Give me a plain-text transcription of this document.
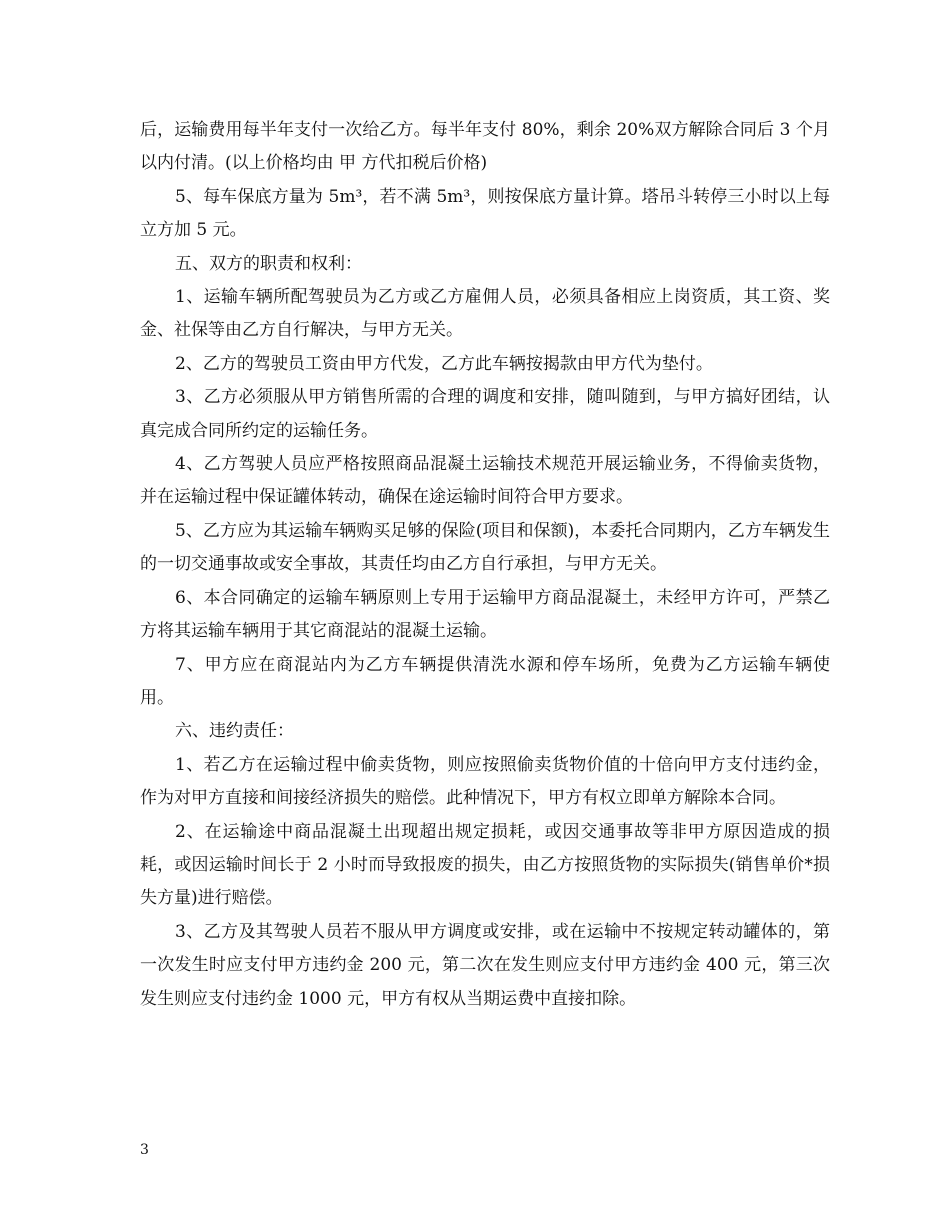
后，运输费用每半年支付一次给乙方。每半年支付 80%，剩余 20%双方解除合同后 3 个月以内付清。(以上价格均由 甲 方代扣税后价格)

5、每车保底方量为 5m³，若不满 5m³，则按保底方量计算。塔吊斗转停三小时以上每立方加 5 元。

五、双方的职责和权利：

1、运输车辆所配驾驶员为乙方或乙方雇佣人员，必须具备相应上岗资质，其工资、奖金、社保等由乙方自行解决，与甲方无关。

2、乙方的驾驶员工资由甲方代发，乙方此车辆按揭款由甲方代为垫付。

3、乙方必须服从甲方销售所需的合理的调度和安排，随叫随到，与甲方搞好团结，认真完成合同所约定的运输任务。

4、乙方驾驶人员应严格按照商品混凝土运输技术规范开展运输业务，不得偷卖货物，并在运输过程中保证罐体转动，确保在途运输时间符合甲方要求。

5、乙方应为其运输车辆购买足够的保险(项目和保额)，本委托合同期内，乙方车辆发生的一切交通事故或安全事故，其责任均由乙方自行承担，与甲方无关。

6、本合同确定的运输车辆原则上专用于运输甲方商品混凝土，未经甲方许可，严禁乙方将其运输车辆用于其它商混站的混凝土运输。

7、甲方应在商混站内为乙方车辆提供清洗水源和停车场所，免费为乙方运输车辆使用。

六、违约责任：

1、若乙方在运输过程中偷卖货物，则应按照偷卖货物价值的十倍向甲方支付违约金，作为对甲方直接和间接经济损失的赔偿。此种情况下，甲方有权立即单方解除本合同。

2、在运输途中商品混凝土出现超出规定损耗，或因交通事故等非甲方原因造成的损耗，或因运输时间长于 2 小时而导致报废的损失，由乙方按照货物的实际损失(销售单价*损失方量)进行赔偿。

3、乙方及其驾驶人员若不服从甲方调度或安排，或在运输中不按规定转动罐体的，第一次发生时应支付甲方违约金 200 元，第二次在发生则应支付甲方违约金 400 元，第三次发生则应支付违约金 1000 元，甲方有权从当期运费中直接扣除。

3
